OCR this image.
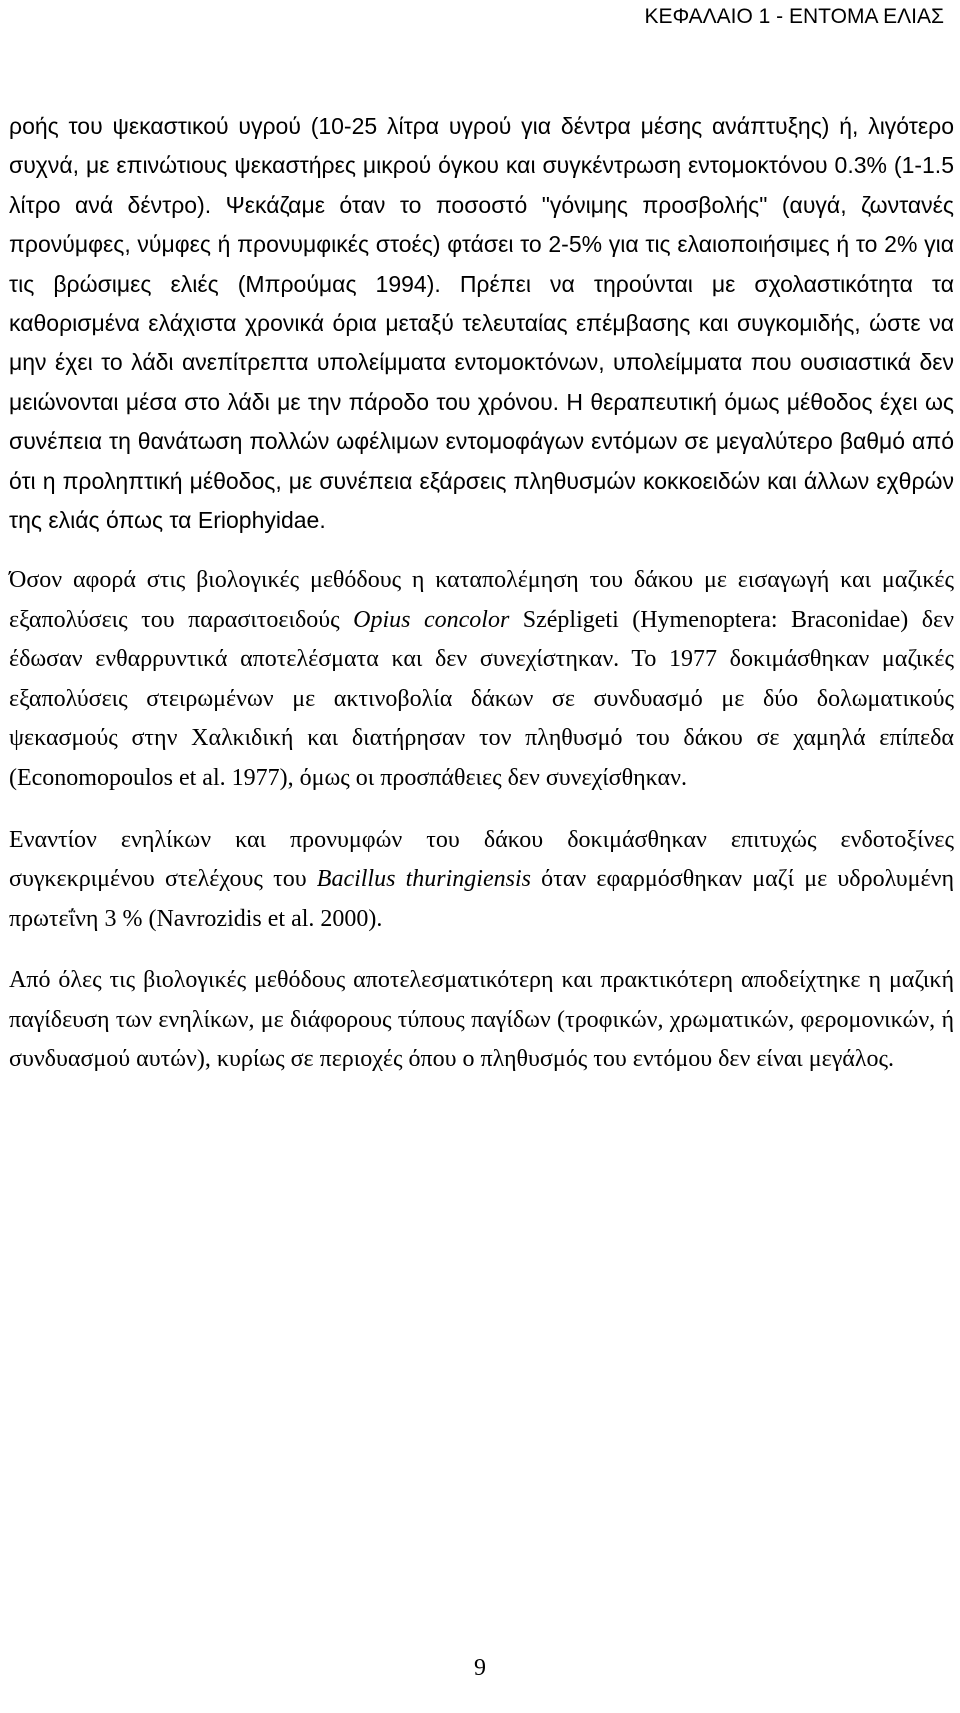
ΚΕΦΑΛΑΙΟ 1 - ΕΝΤΟΜΑ ΕΛΙΑΣ

ροής του ψεκαστικού υγρού (10-25 λίτρα υγρού για δέντρα μέσης ανάπτυξης) ή, λιγότερο συχνά, με επινώτιους ψεκαστήρες μικρού όγκου και συγκέντρωση εντομοκτόνου 0.3% (1-1.5 λίτρο ανά δέντρο). Ψεκάζαμε όταν το ποσοστό "γόνιμης προσβολής" (αυγά, ζωντανές προνύμφες, νύμφες ή προνυμφικές στοές) φτάσει το 2-5% για τις ελαιοποιήσιμες ή το 2% για τις βρώσιμες ελιές (Μπρούμας 1994). Πρέπει να τηρούνται με σχολαστικότητα τα καθορισμένα ελάχιστα χρονικά όρια μεταξύ τελευταίας επέμβασης και συγκομιδής, ώστε να μην έχει το λάδι ανεπίτρεπτα υπολείμματα εντομοκτόνων, υπολείμματα που ουσιαστικά δεν μειώνονται μέσα στο λάδι με την πάροδο του χρόνου. Η θεραπευτική όμως μέθοδος έχει ως συνέπεια τη θανάτωση πολλών ωφέλιμων εντομοφάγων εντόμων σε μεγαλύτερο βαθμό από ότι η προληπτική μέθοδος, με συνέπεια εξάρσεις πληθυσμών κοκκοειδών και άλλων εχθρών της ελιάς όπως τα Eriophyidae.

Όσον αφορά στις βιολογικές μεθόδους η καταπολέμηση του δάκου με εισαγωγή και μαζικές εξαπολύσεις του παρασιτοειδούς Opius concolor Szépligeti (Hymenoptera: Braconidae) δεν έδωσαν ενθαρρυντικά αποτελέσματα και δεν συνεχίστηκαν. Το 1977 δοκιμάσθηκαν μαζικές εξαπολύσεις στειρωμένων με ακτινοβολία δάκων σε συνδυασμό με δύο δολωματικούς ψεκασμούς στην Χαλκιδική και διατήρησαν τον πληθυσμό του δάκου σε χαμηλά επίπεδα (Economopoulos et al. 1977), όμως οι προσπάθειες δεν συνεχίσθηκαν.

Εναντίον ενηλίκων και προνυμφών του δάκου δοκιμάσθηκαν επιτυχώς ενδοτοξίνες συγκεκριμένου στελέχους του Bacillus thuringiensis όταν εφαρμόσθηκαν μαζί με υδρολυμένη πρωτεΐνη 3 % (Navrozidis et al. 2000).

Από όλες τις βιολογικές μεθόδους αποτελεσματικότερη και πρακτικότερη αποδείχτηκε η μαζική παγίδευση των ενηλίκων, με διάφορους τύπους παγίδων (τροφικών, χρωματικών, φερομονικών, ή συνδυασμού αυτών), κυρίως σε περιοχές όπου ο πληθυσμός του εντόμου δεν είναι μεγάλος.

9
